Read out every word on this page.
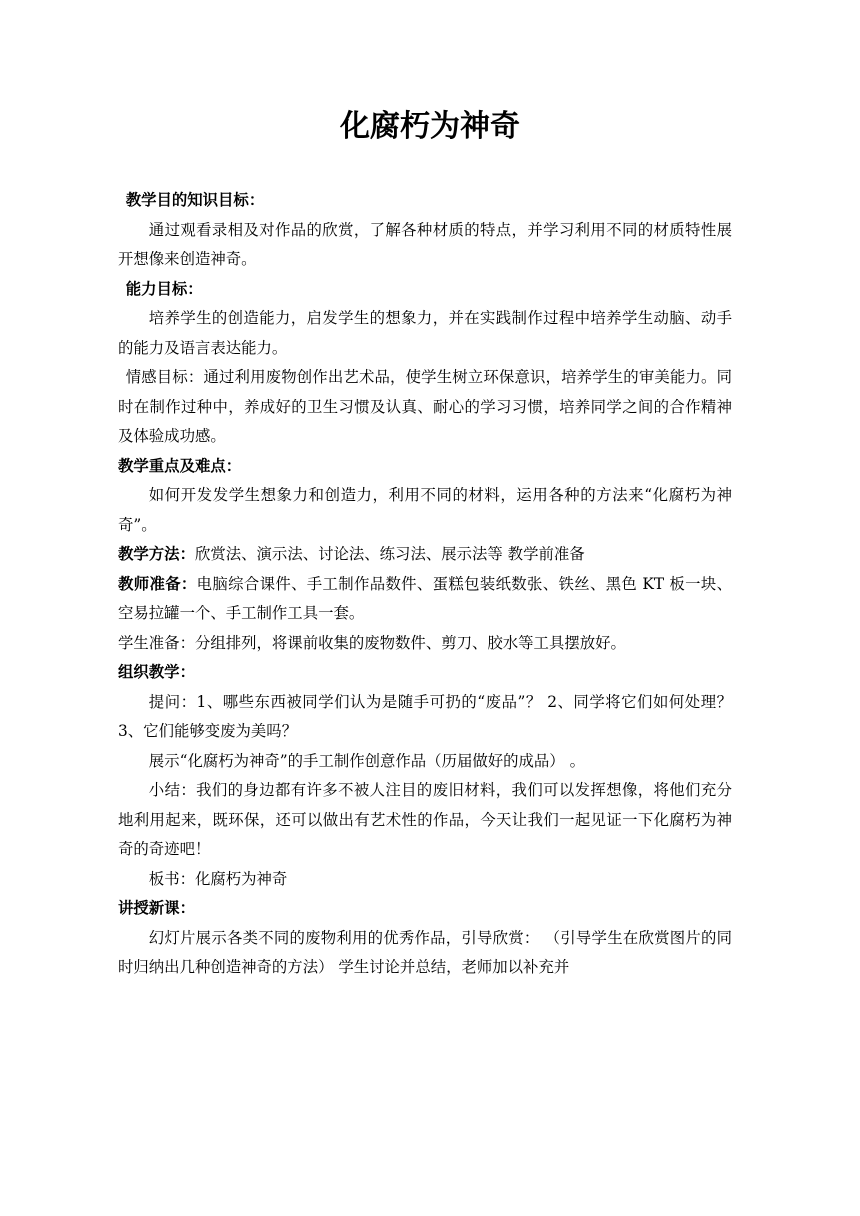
化腐朽为神奇

教学目的知识目标：

通过观看录相及对作品的欣赏，了解各种材质的特点，并学习利用不同的材质特性展开想像来创造神奇。

能力目标：

培养学生的创造能力，启发学生的想象力，并在实践制作过程中培养学生动脑、动手的能力及语言表达能力。

情感目标：通过利用废物创作出艺术品，使学生树立环保意识，培养学生的审美能力。同时在制作过种中，养成好的卫生习惯及认真、耐心的学习习惯，培养同学之间的合作精神及体验成功感。

教学重点及难点：

如何开发发学生想象力和创造力，利用不同的材料，运用各种的方法来“化腐朽为神奇”。

教学方法：欣赏法、演示法、讨论法、练习法、展示法等 教学前准备

教师准备：电脑综合课件、手工制作品数件、蛋糕包装纸数张、铁丝、黑色 KT 板一块、空易拉罐一个、手工制作工具一套。

学生准备：分组排列，将课前收集的废物数件、剪刀、胶水等工具摆放好。

组织教学：

提问：1、哪些东西被同学们认为是随手可扔的“废品”？ 2、同学将它们如何处理？ 3、它们能够变废为美吗？

展示“化腐朽为神奇”的手工制作创意作品（历届做好的成品） 。

小结：我们的身边都有许多不被人注目的废旧材料，我们可以发挥想像，将他们充分地利用起来，既环保，还可以做出有艺术性的作品，今天让我们一起见证一下化腐朽为神奇的奇迹吧！

板书：化腐朽为神奇

讲授新课：

幻灯片展示各类不同的废物利用的优秀作品，引导欣赏： （引导学生在欣赏图片的同时归纳出几种创造神奇的方法） 学生讨论并总结，老师加以补充并
